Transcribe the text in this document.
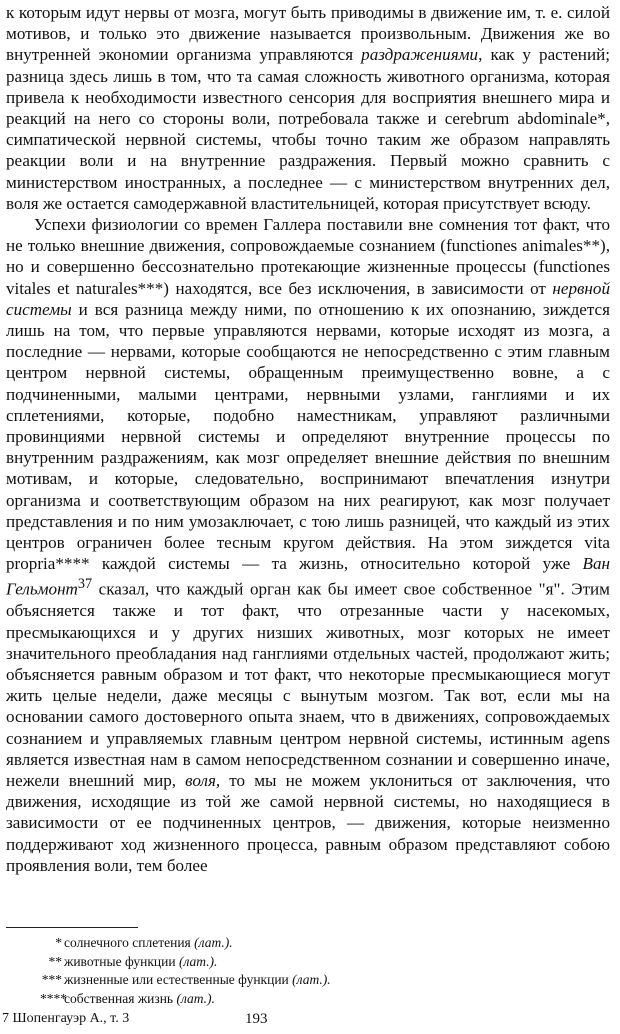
к которым идут нервы от мозга, могут быть приводимы в движение им, т. е. силой мотивов, и только это движение называется произвольным. Движения же во внутренней экономии организма управляются раздражениями, как у растений; разница здесь лишь в том, что та самая сложность животного организма, которая привела к необходимости известного сенсория для восприятия внешнего мира и реакций на него со стороны воли, потребовала также и cerebrum abdominale*, симпатической нервной системы, чтобы точно таким же образом направлять реакции воли и на внутренние раздражения. Первый можно сравнить с министерством иностранных, а последнее — с министерством внутренних дел, воля же остается самодержавной властительницей, которая присутствует всюду.

Успехи физиологии со времен Галлера поставили вне сомнения тот факт, что не только внешние движения, сопровождаемые сознанием (functiones animales**), но и совершенно бессознательно протекающие жизненные процессы (functiones vitales et naturales***) находятся, все без исключения, в зависимости от нервной системы и вся разница между ними, по отношению к их опознанию, зиждется лишь на том, что первые управляются нервами, которые исходят из мозга, а последние — нервами, которые сообщаются не непосредственно с этим главным центром нервной системы, обращенным преимущественно вовне, а с подчиненными, малыми центрами, нервными узлами, ганглиями и их сплетениями, которые, подобно наместникам, управляют различными провинциями нервной системы и определяют внутренние процессы по внутренним раздражениям, как мозг определяет внешние действия по внешним мотивам, и которые, следовательно, воспринимают впечатления изнутри организма и соответствующим образом на них реагируют, как мозг получает представления и по ним умозаключает, с тою лишь разницей, что каждый из этих центров ограничен более тесным кругом действия. На этом зиждется vita propria**** каждой системы — та жизнь, относительно которой уже Ван Гельмонт$^{37}$ сказал, что каждый орган как бы имеет свое собственное "я". Этим объясняется также и тот факт, что отрезанные части у насекомых, пресмыкающихся и у других низших животных, мозг которых не имеет значительного преобладания над ганглиями отдельных частей, продолжают жить; объясняется равным образом и тот факт, что некоторые пресмыкающиеся могут жить целые недели, даже месяцы с вынутым мозгом. Так вот, если мы на основании самого достоверного опыта знаем, что в движениях, сопровождаемых сознанием и управляемых главным центром нервной системы, истинным agens является известная нам в самом непосредственном сознании и совершенно иначе, нежели внешний мир, воля, то мы не можем уклониться от заключения, что движения, исходящие из той же самой нервной системы, но находящиеся в зависимости от ее подчиненных центров, — движения, которые неизменно поддерживают ход жизненного процесса, равным образом представляют собою проявления воли, тем более

* солнечного сплетения (лат.).
** животные функции (лат.).
*** жизненные или естественные функции (лат.).
****собственная жизнь (лат.).
7 Шопенгауэр А., т. 3	193
